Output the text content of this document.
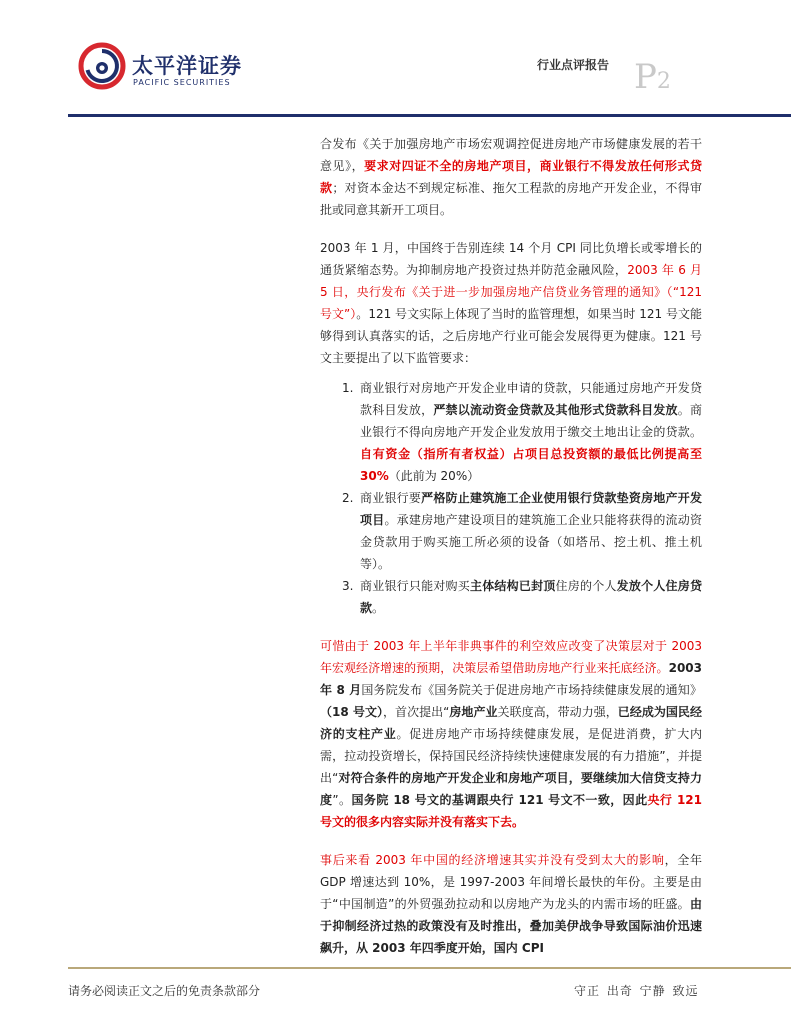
太平洋证券
PACIFIC SECURITIES
行业点评报告 P2

合发布《关于加强房地产市场宏观调控促进房地产市场健康发展的若干意见》，要求对四证不全的房地产项目，商业银行不得发放任何形式贷款；对资本金达不到规定标准、拖欠工程款的房地产开发企业，不得审批或同意其新开工项目。

2003 年 1 月，中国终于告别连续 14 个月 CPI 同比负增长或零增长的通货紧缩态势。为抑制房地产投资过热并防范金融风险，2003 年 6 月 5 日，央行发布《关于进一步加强房地产信贷业务管理的通知》（“121 号文”）。121 号文实际上体现了当时的监管理想，如果当时 121 号文能够得到认真落实的话，之后房地产行业可能会发展得更为健康。121 号文主要提出了以下监管要求：

1. 商业银行对房地产开发企业申请的贷款，只能通过房地产开发贷款科目发放，严禁以流动资金贷款及其他形式贷款科目发放。商业银行不得向房地产开发企业发放用于缴交土地出让金的贷款。自有资金（指所有者权益）占项目总投资额的最低比例提高至 30%（此前为 20%）
2. 商业银行要严格防止建筑施工企业使用银行贷款垫资房地产开发项目。承建房地产建设项目的建筑施工企业只能将获得的流动资金贷款用于购买施工所必须的设备（如塔吊、挖土机、推土机等）。
3. 商业银行只能对购买主体结构已封顶住房的个人发放个人住房贷款。

可惜由于 2003 年上半年非典事件的利空效应改变了决策层对于 2003 年宏观经济增速的预期，决策层希望借助房地产行业来托底经济。2003 年 8 月国务院发布《国务院关于促进房地产市场持续健康发展的通知》（18 号文），首次提出“房地产业关联度高，带动力强，已经成为国民经济的支柱产业。促进房地产市场持续健康发展，是促进消费，扩大内需，拉动投资增长，保持国民经济持续快速健康发展的有力措施”，并提出“对符合条件的房地产开发企业和房地产项目，要继续加大信贷支持力度”。国务院 18 号文的基调跟央行 121 号文不一致，因此央行 121 号文的很多内容实际并没有落实下去。

事后来看 2003 年中国的经济增速其实并没有受到太大的影响，全年 GDP 增速达到 10%，是 1997-2003 年间增长最快的年份。主要是由于“中国制造”的外贸强劲拉动和以房地产为龙头的内需市场的旺盛。由于抑制经济过热的政策没有及时推出，叠加美伊战争导致国际油价迅速飙升，从 2003 年四季度开始，国内 CPI

请务必阅读正文之后的免责条款部分	守正 出奇 宁静 致远
